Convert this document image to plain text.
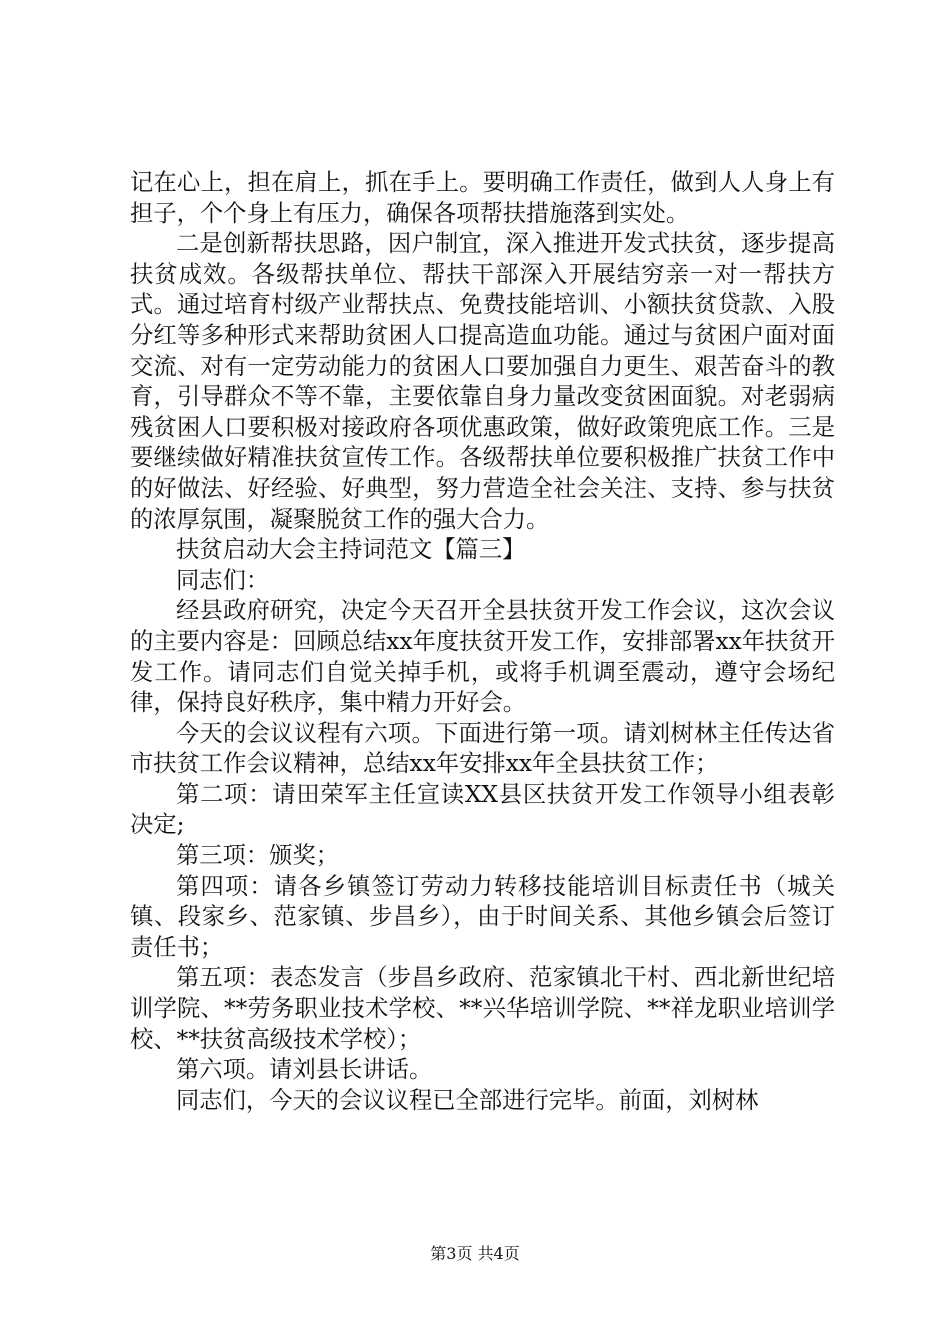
记在心上，担在肩上，抓在手上。要明确工作责任，做到人人身上有担子，个个身上有压力，确保各项帮扶措施落到实处。

二是创新帮扶思路，因户制宜，深入推进开发式扶贫，逐步提高扶贫成效。各级帮扶单位、帮扶干部深入开展结穷亲一对一帮扶方式。通过培育村级产业帮扶点、免费技能培训、小额扶贫贷款、入股分红等多种形式来帮助贫困人口提高造血功能。通过与贫困户面对面交流、对有一定劳动能力的贫困人口要加强自力更生、艰苦奋斗的教育，引导群众不等不靠，主要依靠自身力量改变贫困面貌。对老弱病残贫困人口要积极对接政府各项优惠政策，做好政策兜底工作。三是要继续做好精准扶贫宣传工作。各级帮扶单位要积极推广扶贫工作中的好做法、好经验、好典型，努力营造全社会关注、支持、参与扶贫的浓厚氛围，凝聚脱贫工作的强大合力。

扶贫启动大会主持词范文【篇三】

同志们：

经县政府研究，决定今天召开全县扶贫开发工作会议，这次会议的主要内容是：回顾总结xx年度扶贫开发工作，安排部署xx年扶贫开发工作。请同志们自觉关掉手机，或将手机调至震动，遵守会场纪律，保持良好秩序，集中精力开好会。

今天的会议议程有六项。下面进行第一项。请刘树林主任传达省市扶贫工作会议精神，总结xx年安排xx年全县扶贫工作；

第二项：请田荣军主任宣读XX县区扶贫开发工作领导小组表彰决定;

第三项：颁奖；

第四项：请各乡镇签订劳动力转移技能培训目标责任书（城关镇、段家乡、范家镇、步昌乡），由于时间关系、其他乡镇会后签订责任书；

第五项：表态发言（步昌乡政府、范家镇北干村、西北新世纪培训学院、**劳务职业技术学校、**兴华培训学院、**祥龙职业培训学校、**扶贫高级技术学校）；

第六项。请刘县长讲话。

同志们，今天的会议议程已全部进行完毕。前面，刘树林

第3页 共4页
